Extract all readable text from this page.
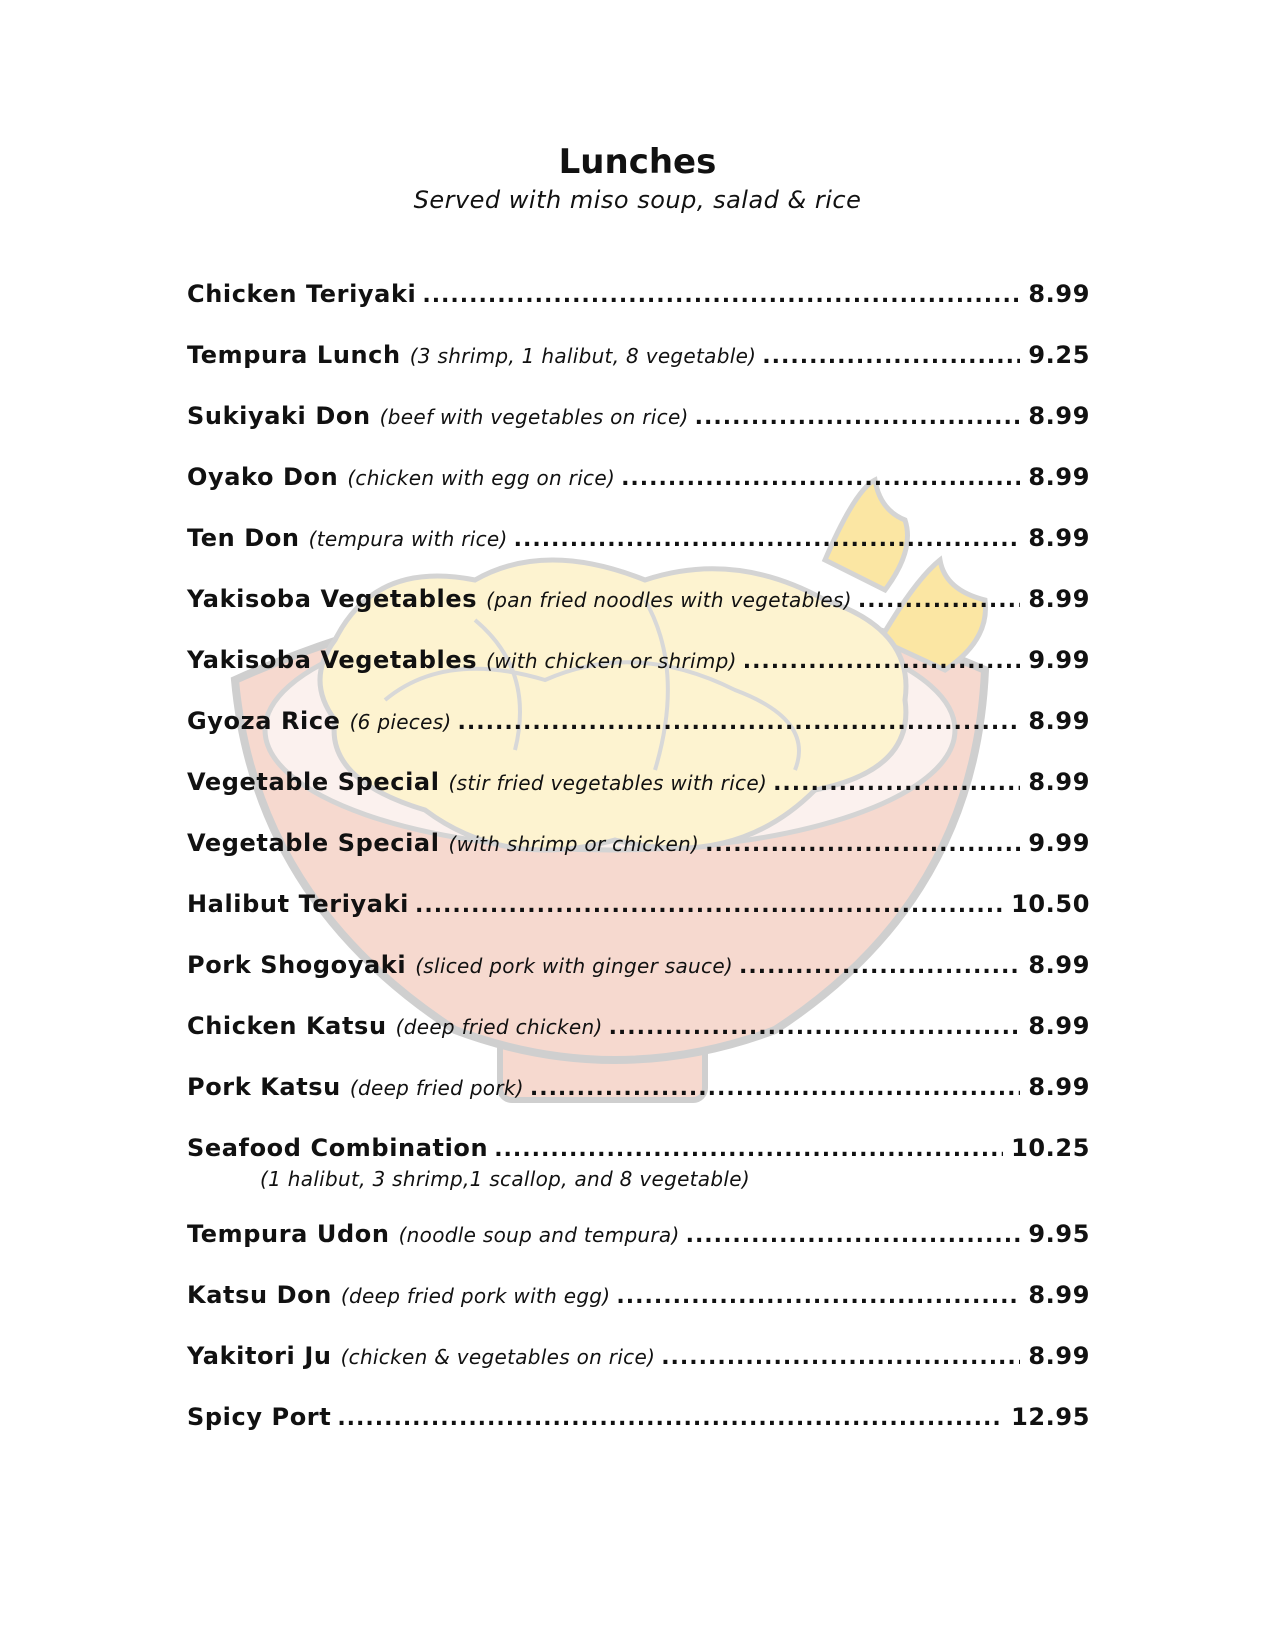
Lunches
Served with miso soup, salad & rice
Chicken Teriyaki .....	8.99
Tempura Lunch (3 shrimp, 1 halibut, 8 vegetable) .....	9.25
Sukiyaki Don (beef with vegetables on rice) .....	8.99
Oyako Don (chicken with egg on rice) .....	8.99
Ten Don (tempura with rice) .....	8.99
Yakisoba Vegetables (pan fried noodles with vegetables) .....	8.99
Yakisoba Vegetables (with chicken or shrimp) .....	9.99
Gyoza Rice (6 pieces) .....	8.99
Vegetable Special (stir fried vegetables with rice) .....	8.99
Vegetable Special (with shrimp or chicken) .....	9.99
Halibut Teriyaki .....	10.50
Pork Shogoyaki (sliced pork with ginger sauce) .....	8.99
Chicken Katsu (deep fried chicken) .....	8.99
Pork Katsu (deep fried pork) .....	8.99
Seafood Combination .....	10.25
(1 halibut, 3 shrimp,1 scallop, and 8 vegetable)
Tempura Udon (noodle soup and tempura) .....	9.95
Katsu Don (deep fried pork with egg) .....	8.99
Yakitori Ju (chicken & vegetables on rice) .....	8.99
Spicy Port .....	12.95
